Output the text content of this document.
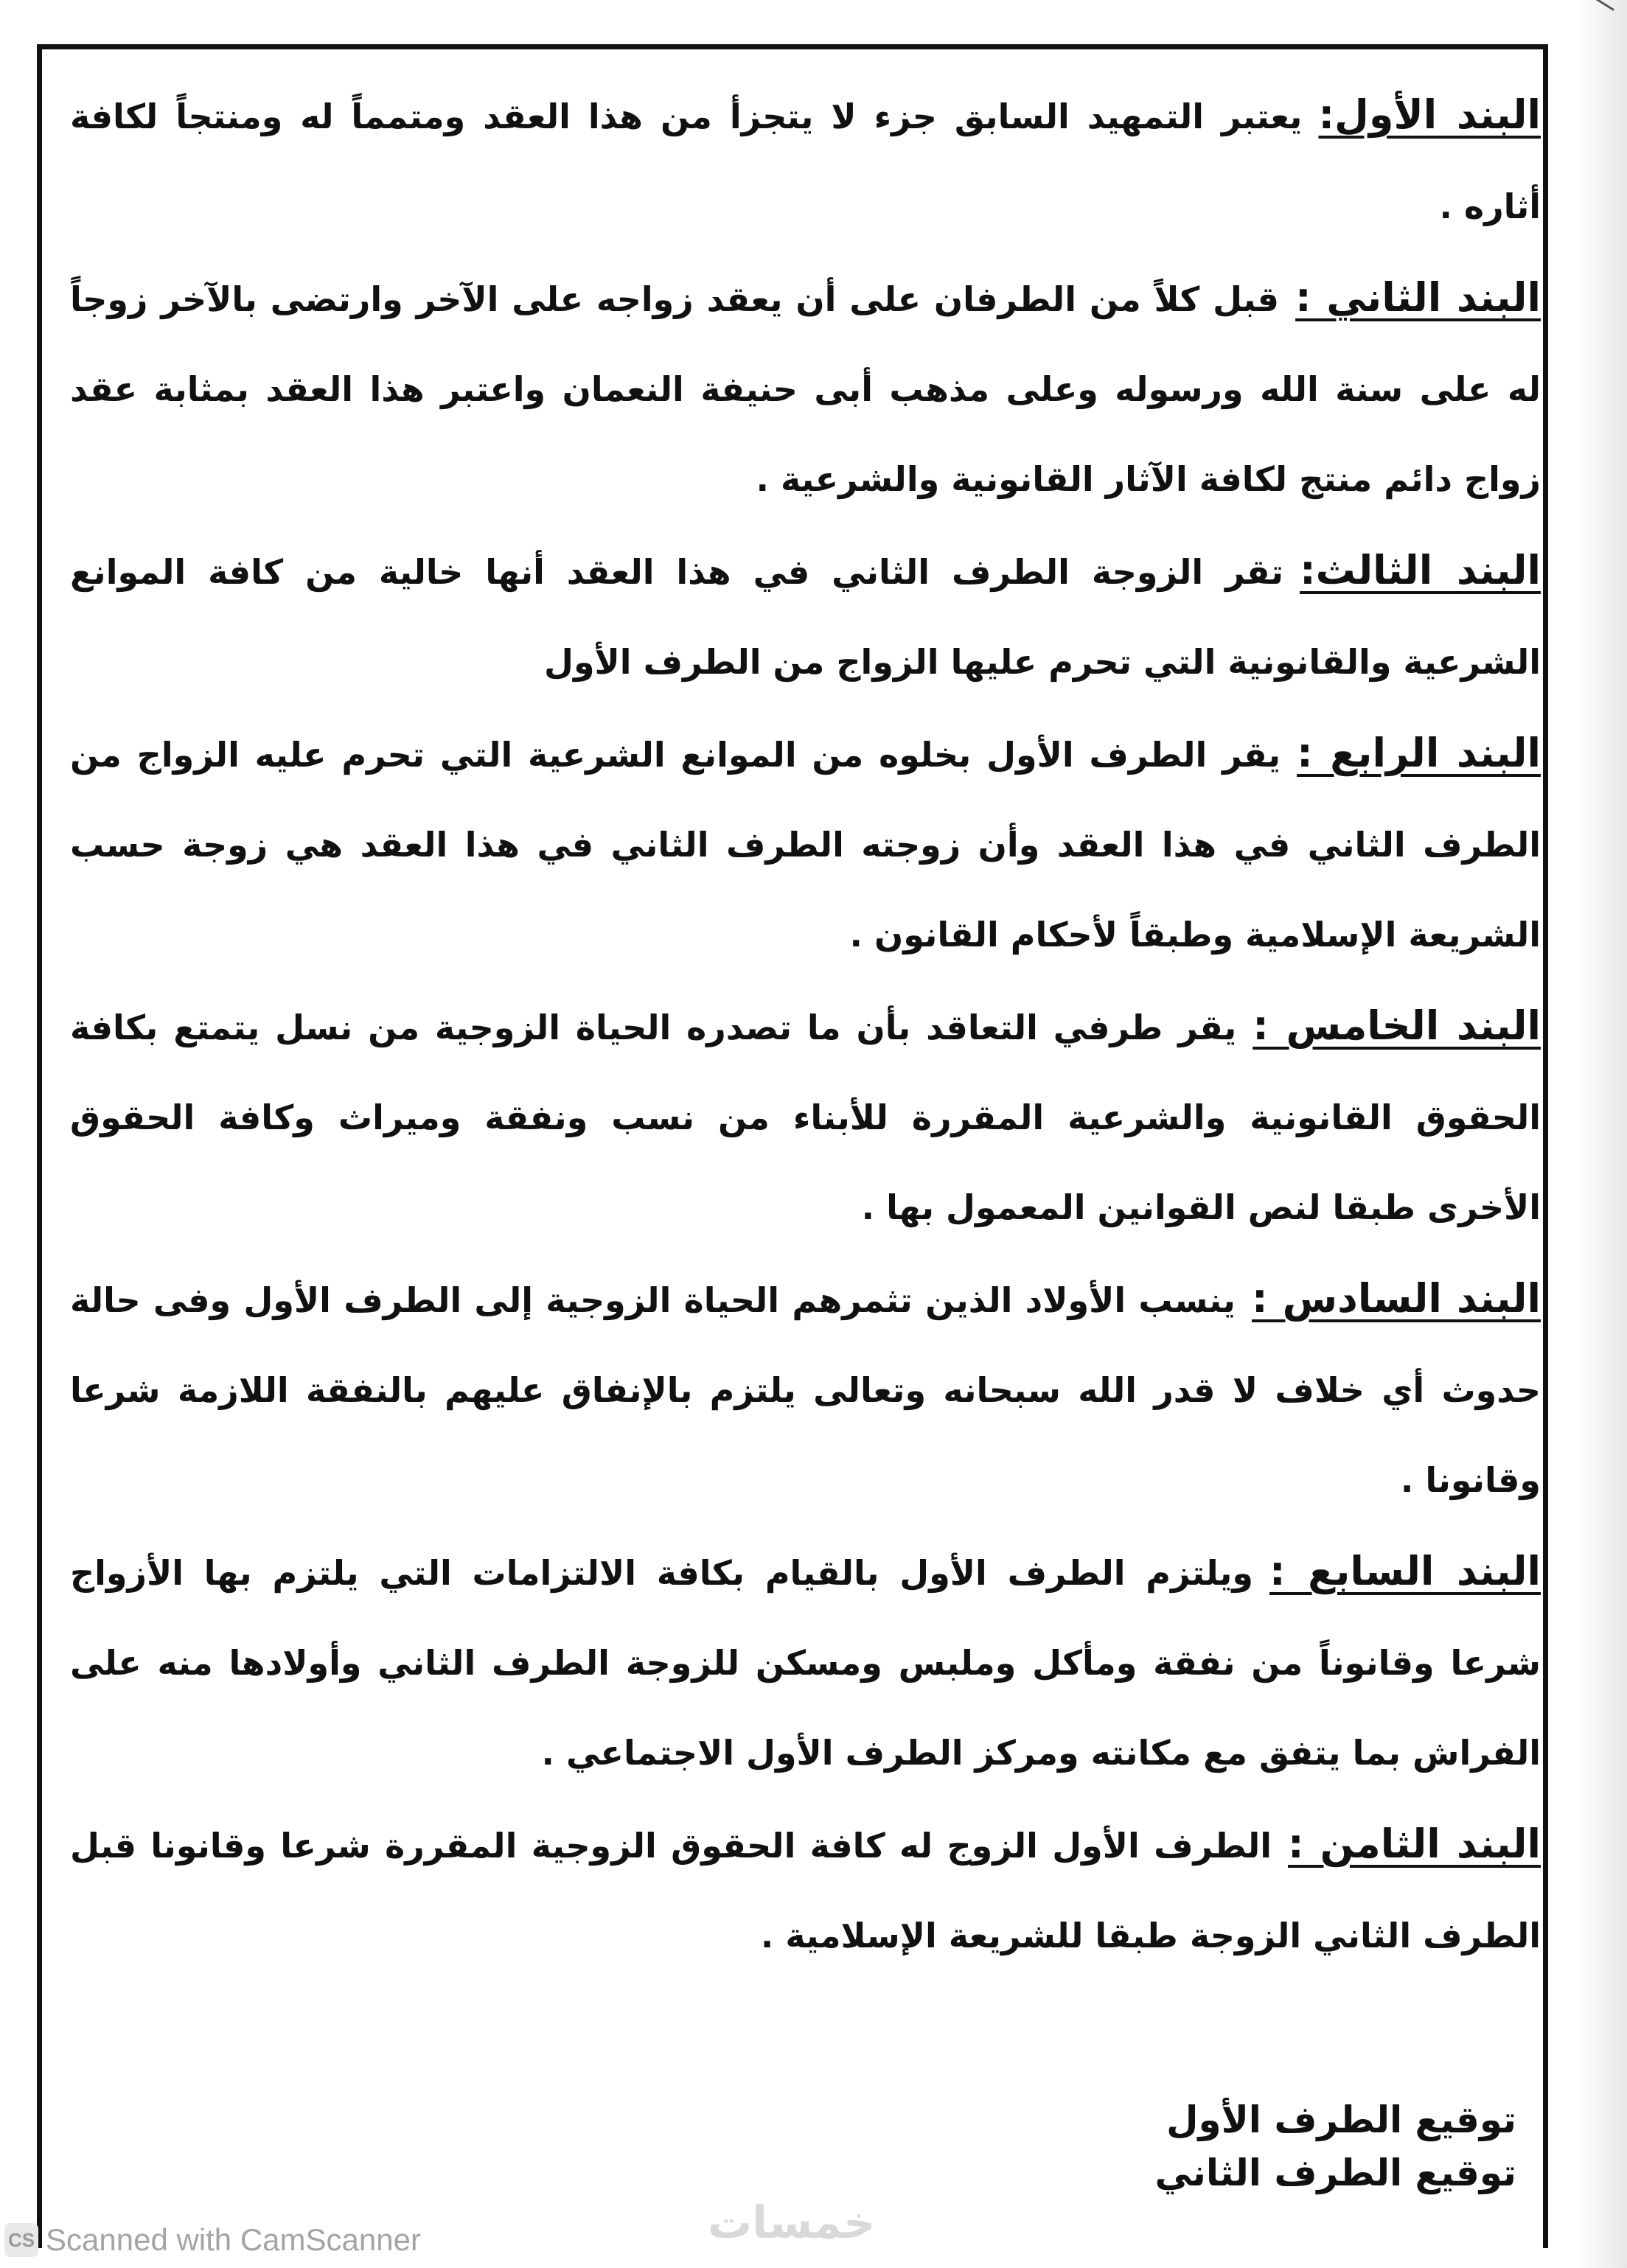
البند الأول:يعتبر التمهيد السابق جزء لا يتجزأ من هذا العقد ومتمماً له ومنتجاً لكافة أثاره .

البند الثاني :قبل كلاً من الطرفان على أن يعقد زواجه على الآخر وارتضى بالآخر زوجاً له على سنة الله ورسوله وعلى مذهب أبى حنيفة النعمان واعتبر هذا العقد بمثابة عقد زواج دائم منتج لكافة الآثار القانونية والشرعية .

البند الثالث:تقر الزوجة الطرف الثاني في هذا العقد أنها خالية من كافة الموانع الشرعية والقانونية التي تحرم عليها الزواج من الطرف الأول

البند الرابع :يقر الطرف الأول بخلوه من الموانع الشرعية التي تحرم عليه الزواج من الطرف الثاني في هذا العقد وأن زوجته الطرف الثاني في هذا العقد هي زوجة حسب الشريعة الإسلامية وطبقاً لأحكام القانون .

البند الخامس :يقر طرفي التعاقد بأن ما تصدره الحياة الزوجية من نسل يتمتع بكافة الحقوق القانونية والشرعية المقررة للأبناء من نسب ونفقة وميراث وكافة الحقوق الأخرى طبقا لنص القوانين المعمول بها .

البند السادس :ينسب الأولاد الذين تثمرهم الحياة الزوجية إلى الطرف الأول وفى حالة حدوث أي خلاف لا قدر الله سبحانه وتعالى يلتزم بالإنفاق عليهم بالنفقة اللازمة شرعا وقانونا .

البند السابع :ويلتزم الطرف الأول بالقيام بكافة الالتزامات التي يلتزم بها الأزواج شرعا وقانوناً من نفقة ومأكل وملبس ومسكن للزوجة الطرف الثاني وأولادها منه على الفراش بما يتفق مع مكانته ومركز الطرف الأول الاجتماعي .

البند الثامن :الطرف الأول الزوج له كافة الحقوق الزوجية المقررة شرعا وقانونا قبل الطرف الثاني الزوجة طبقا للشريعة الإسلامية .

توقيع الطرف الأول
توقيع الطرف الثاني
خمسات
CS Scanned with CamScanner
